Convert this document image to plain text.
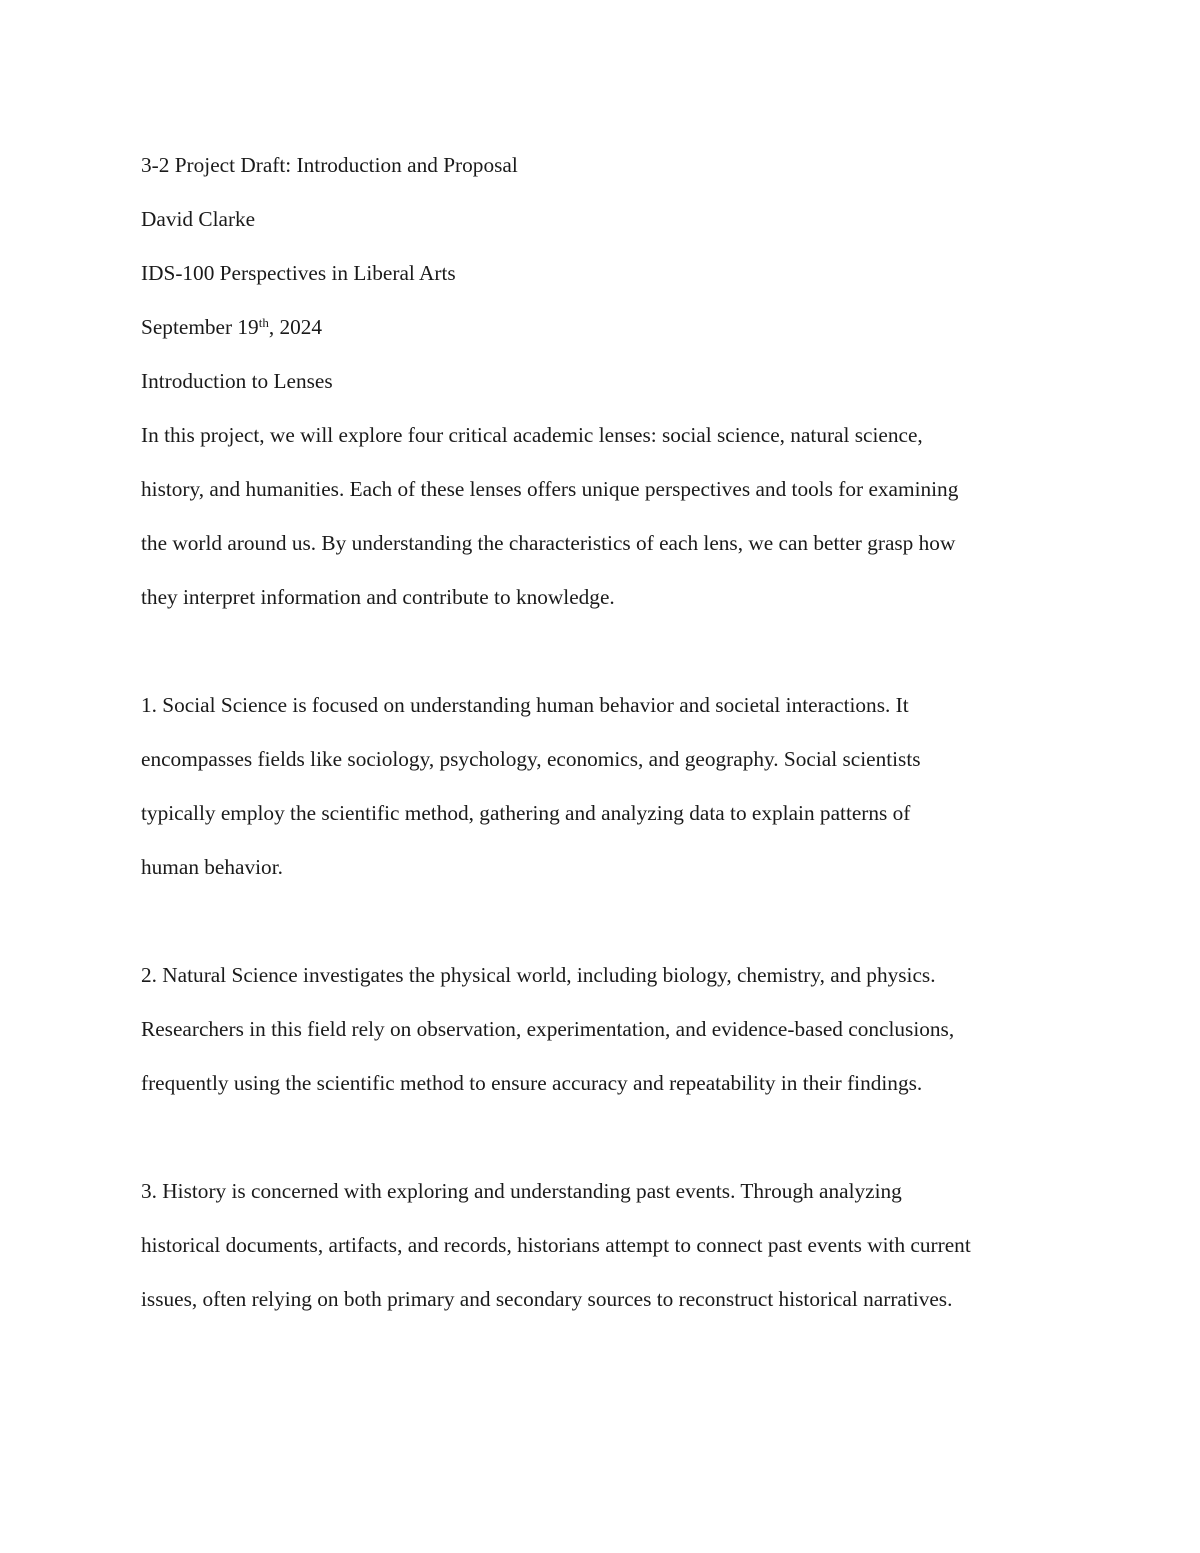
3-2 Project Draft: Introduction and Proposal

David Clarke

IDS-100 Perspectives in Liberal Arts

September 19th, 2024

Introduction to Lenses

In this project, we will explore four critical academic lenses: social science, natural science,

history, and humanities. Each of these lenses offers unique perspectives and tools for examining

the world around us. By understanding the characteristics of each lens, we can better grasp how

they interpret information and contribute to knowledge.

1. Social Science is focused on understanding human behavior and societal interactions. It

encompasses fields like sociology, psychology, economics, and geography. Social scientists

typically employ the scientific method, gathering and analyzing data to explain patterns of

human behavior.

2. Natural Science investigates the physical world, including biology, chemistry, and physics.

Researchers in this field rely on observation, experimentation, and evidence-based conclusions,

frequently using the scientific method to ensure accuracy and repeatability in their findings.

3. History is concerned with exploring and understanding past events. Through analyzing

historical documents, artifacts, and records, historians attempt to connect past events with current

issues, often relying on both primary and secondary sources to reconstruct historical narratives.
